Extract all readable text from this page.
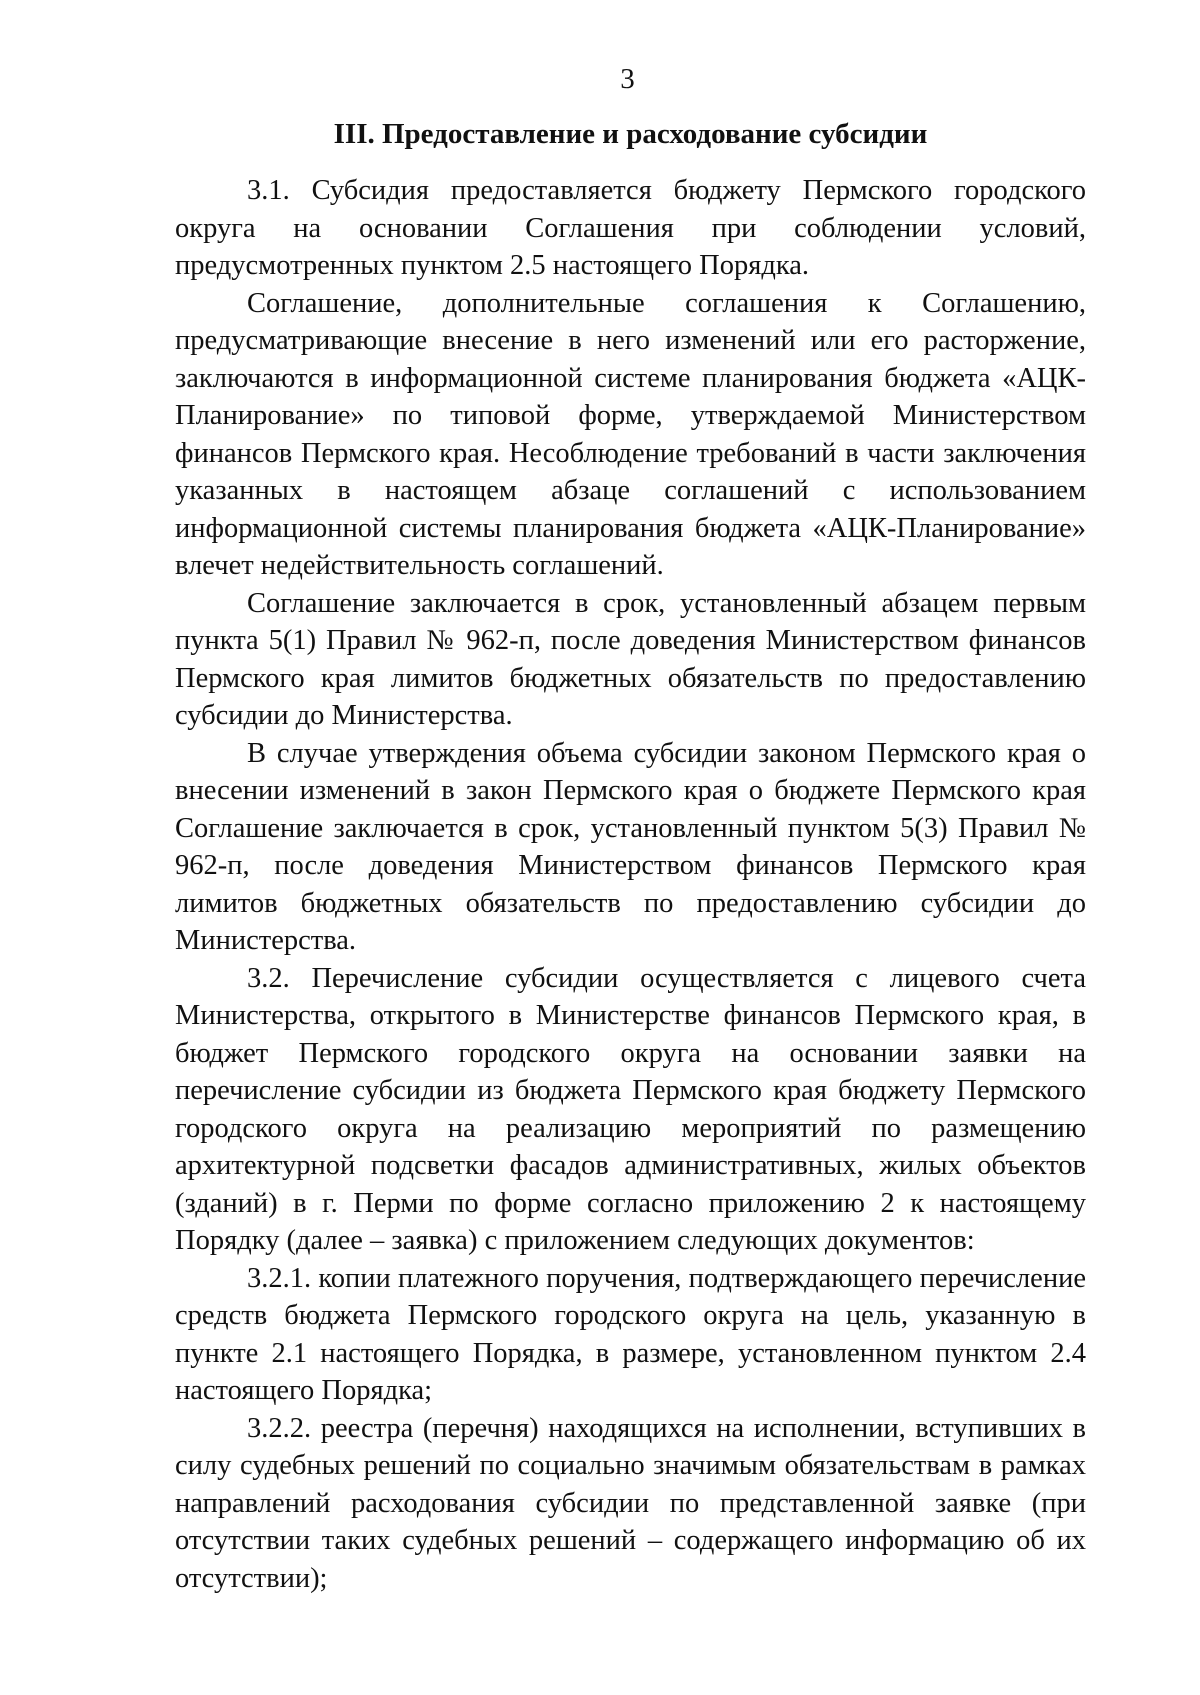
3
III. Предоставление и расходование субсидии

3.1. Субсидия предоставляется бюджету Пермского городского округа на основании Соглашения при соблюдении условий, предусмотренных пунктом 2.5 настоящего Порядка.

Соглашение, дополнительные соглашения к Соглашению, предусматривающие внесение в него изменений или его расторжение, заключаются в информационной системе планирования бюджета «АЦК-Планирование» по типовой форме, утверждаемой Министерством финансов Пермского края. Несоблюдение требований в части заключения указанных в настоящем абзаце соглашений с использованием информационной системы планирования бюджета «АЦК-Планирование» влечет недействительность соглашений.

Соглашение заключается в срок, установленный абзацем первым пункта 5(1) Правил № 962-п, после доведения Министерством финансов Пермского края лимитов бюджетных обязательств по предоставлению субсидии до Министерства.

В случае утверждения объема субсидии законом Пермского края о внесении изменений в закон Пермского края о бюджете Пермского края Соглашение заключается в срок, установленный пунктом 5(3) Правил № 962-п, после доведения Министерством финансов Пермского края лимитов бюджетных обязательств по предоставлению субсидии до Министерства.

3.2. Перечисление субсидии осуществляется с лицевого счета Министерства, открытого в Министерстве финансов Пермского края, в бюджет Пермского городского округа на основании заявки на перечисление субсидии из бюджета Пермского края бюджету Пермского городского округа на реализацию мероприятий по размещению архитектурной подсветки фасадов административных, жилых объектов (зданий) в г. Перми по форме согласно приложению 2 к настоящему Порядку (далее – заявка) с приложением следующих документов:

3.2.1. копии платежного поручения, подтверждающего перечисление средств бюджета Пермского городского округа на цель, указанную в пункте 2.1 настоящего Порядка, в размере, установленном пунктом 2.4 настоящего Порядка;

3.2.2. реестра (перечня) находящихся на исполнении, вступивших в силу судебных решений по социально значимым обязательствам в рамках направлений расходования субсидии по представленной заявке (при отсутствии таких судебных решений – содержащего информацию об их отсутствии);
